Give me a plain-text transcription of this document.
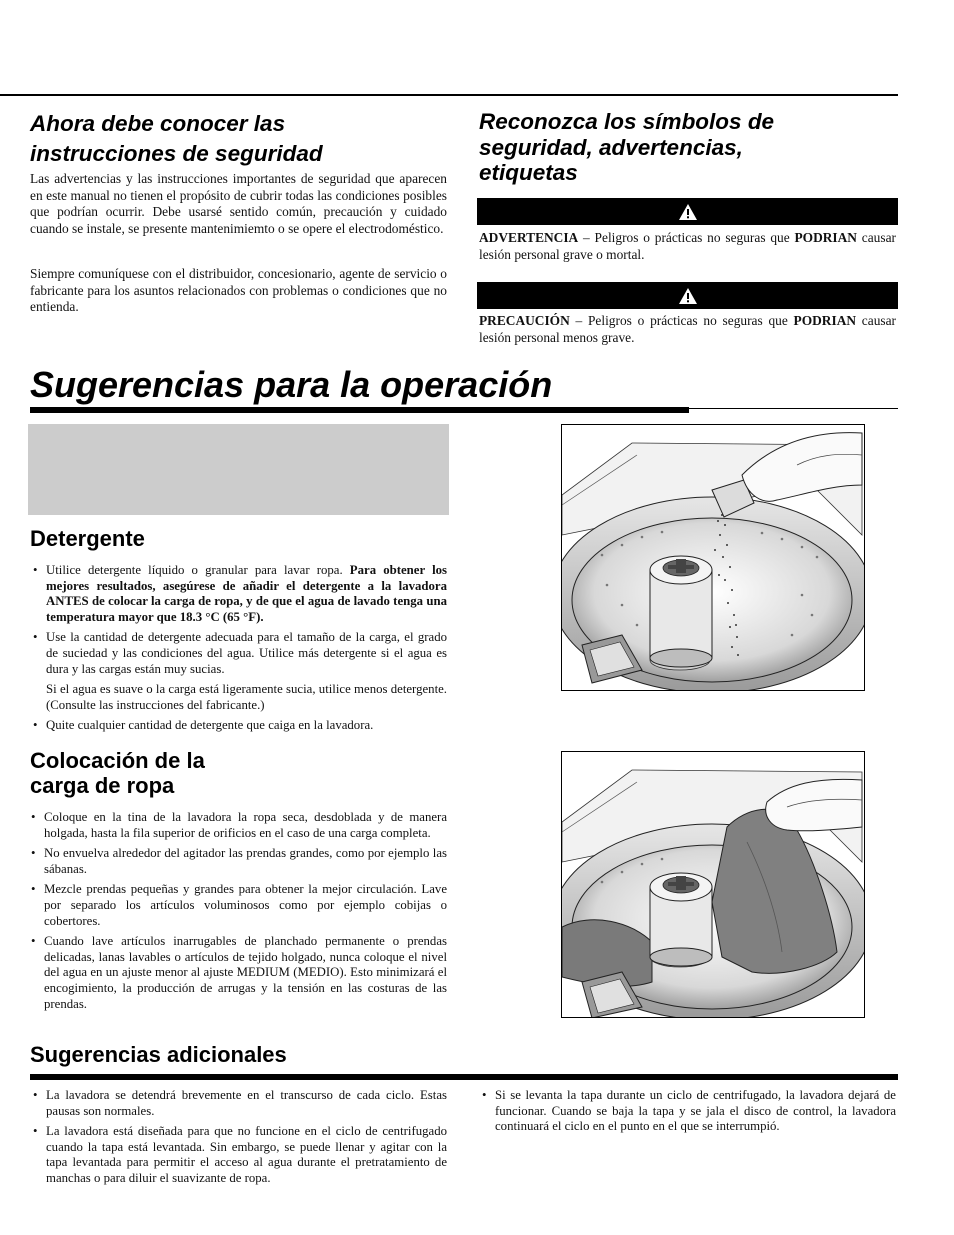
Ahora debe conocer las instrucciones de seguridad

Las advertencias y las instrucciones importantes de seguridad que aparecen en este manual no tienen el propósito de cubrir todas las condiciones posibles que podrían ocurrir. Debe usarsé sentido común, precaución y cuidado cuando se instale, se presente mantenimiemto o se opere el electrodoméstico.

Siempre comuníquese con el distribuidor, concesionario, agente de servicio o fabricante para los asuntos relacionados con problemas o condiciones que no entienda.

Reconozca los símbolos de seguridad, advertencias, etiquetas

ADVERTENCIA – Peligros o prácticas no seguras que PODRIAN causar lesión personal grave o mortal.

PRECAUCIÓN – Peligros o prácticas no seguras que PODRIAN causar lesión personal menos grave.

Sugerencias para la operación
Detergente
• Utilice detergente líquido o granular para lavar ropa. Para obtener los mejores resultados, asegúrese de añadir el detergente a la lavadora ANTES de colocar la carga de ropa, y de que el agua de lavado tenga una temperatura mayor que 18.3 °C (65 °F).
• Use la cantidad de detergente adecuada para el tamaño de la carga, el grado de suciedad y las condiciones del agua. Utilice más detergente si el agua es dura y las cargas están muy sucias.

Si el agua es suave o la carga está ligeramente sucia, utilice menos detergente. (Consulte las instrucciones del fabricante.)

• Quite cualquier cantidad de detergente que caiga en la lavadora.
Colocación de la
carga de ropa
• Coloque en la tina de la lavadora la ropa seca, desdoblada y de manera holgada, hasta la fila superior de orificios en el caso de una carga completa.
• No envuelva alrededor del agitador las prendas grandes, como por ejemplo las sábanas.
• Mezcle prendas pequeñas y grandes para obtener la mejor circulación. Lave por separado los artículos voluminosos como por ejemplo cobijas o cobertores.
• Cuando lave artículos inarrugables de planchado permanente o prendas delicadas, lanas lavables o artículos de tejido holgado, nunca coloque el nivel del agua en un ajuste menor al ajuste MEDIUM (MEDIO). Esto minimizará el encogimiento, la producción de arrugas y la tensión en las costuras de las prendas.
Sugerencias adicionales
• La lavadora se detendrá brevemente en el transcurso de cada ciclo. Estas pausas son normales.
• La lavadora está diseñada para que no funcione en el ciclo de centrifugado cuando la tapa está levantada. Sin embargo, se puede llenar y agitar con la tapa levantada para permitir el acceso al agua durante el pretratamiento de manchas o para diluir el suavizante de ropa.
• Si se levanta la tapa durante un ciclo de centrifugado, la lavadora dejará de funcionar. Cuando se baja la tapa y se jala el disco de control, la lavadora continuará el ciclo en el punto en el que se interrumpió.
